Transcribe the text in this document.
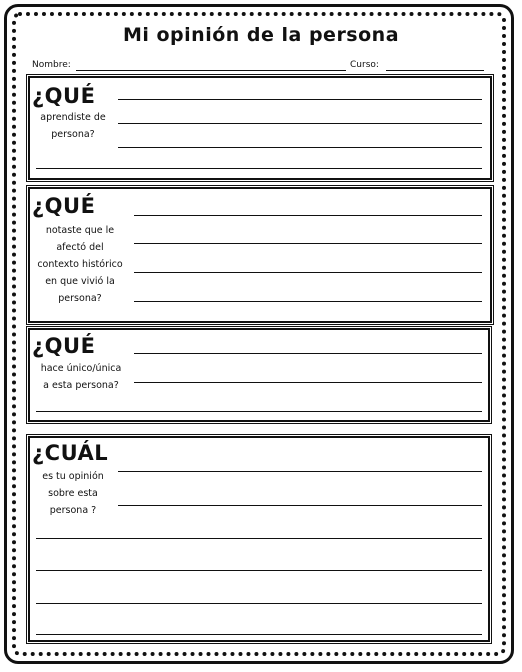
Mi opinión de la persona
Nombre:	Curso:
¿QUÉ
aprendiste de
persona?
¿QUÉ
notaste que le
afectó del
contexto histórico
en que vivió la
persona?
¿QUÉ
hace único/única
a esta persona?
¿CUÁL
es tu opinión
sobre esta
persona ?
